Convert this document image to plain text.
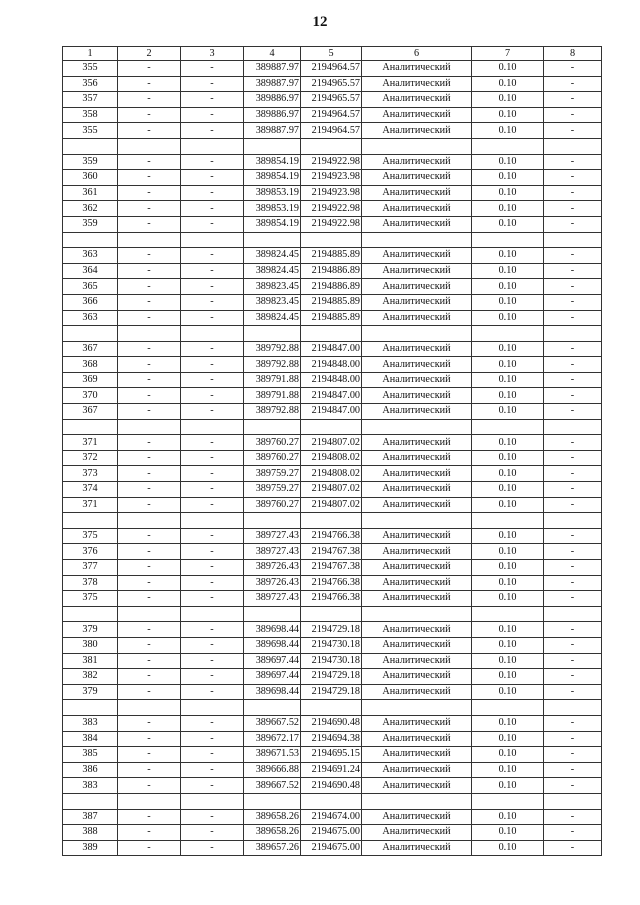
12
1	2	3	4	5	6	7	8
355	-	-	389887.97	2194964.57	Аналитический	0.10	-
356	-	-	389887.97	2194965.57	Аналитический	0.10	-
357	-	-	389886.97	2194965.57	Аналитический	0.10	-
358	-	-	389886.97	2194964.57	Аналитический	0.10	-
355	-	-	389887.97	2194964.57	Аналитический	0.10	-

359	-	-	389854.19	2194922.98	Аналитический	0.10	-
360	-	-	389854.19	2194923.98	Аналитический	0.10	-
361	-	-	389853.19	2194923.98	Аналитический	0.10	-
362	-	-	389853.19	2194922.98	Аналитический	0.10	-
359	-	-	389854.19	2194922.98	Аналитический	0.10	-

363	-	-	389824.45	2194885.89	Аналитический	0.10	-
364	-	-	389824.45	2194886.89	Аналитический	0.10	-
365	-	-	389823.45	2194886.89	Аналитический	0.10	-
366	-	-	389823.45	2194885.89	Аналитический	0.10	-
363	-	-	389824.45	2194885.89	Аналитический	0.10	-

367	-	-	389792.88	2194847.00	Аналитический	0.10	-
368	-	-	389792.88	2194848.00	Аналитический	0.10	-
369	-	-	389791.88	2194848.00	Аналитический	0.10	-
370	-	-	389791.88	2194847.00	Аналитический	0.10	-
367	-	-	389792.88	2194847.00	Аналитический	0.10	-

371	-	-	389760.27	2194807.02	Аналитический	0.10	-
372	-	-	389760.27	2194808.02	Аналитический	0.10	-
373	-	-	389759.27	2194808.02	Аналитический	0.10	-
374	-	-	389759.27	2194807.02	Аналитический	0.10	-
371	-	-	389760.27	2194807.02	Аналитический	0.10	-

375	-	-	389727.43	2194766.38	Аналитический	0.10	-
376	-	-	389727.43	2194767.38	Аналитический	0.10	-
377	-	-	389726.43	2194767.38	Аналитический	0.10	-
378	-	-	389726.43	2194766.38	Аналитический	0.10	-
375	-	-	389727.43	2194766.38	Аналитический	0.10	-

379	-	-	389698.44	2194729.18	Аналитический	0.10	-
380	-	-	389698.44	2194730.18	Аналитический	0.10	-
381	-	-	389697.44	2194730.18	Аналитический	0.10	-
382	-	-	389697.44	2194729.18	Аналитический	0.10	-
379	-	-	389698.44	2194729.18	Аналитический	0.10	-

383	-	-	389667.52	2194690.48	Аналитический	0.10	-
384	-	-	389672.17	2194694.38	Аналитический	0.10	-
385	-	-	389671.53	2194695.15	Аналитический	0.10	-
386	-	-	389666.88	2194691.24	Аналитический	0.10	-
383	-	-	389667.52	2194690.48	Аналитический	0.10	-

387	-	-	389658.26	2194674.00	Аналитический	0.10	-
388	-	-	389658.26	2194675.00	Аналитический	0.10	-
389	-	-	389657.26	2194675.00	Аналитический	0.10	-
